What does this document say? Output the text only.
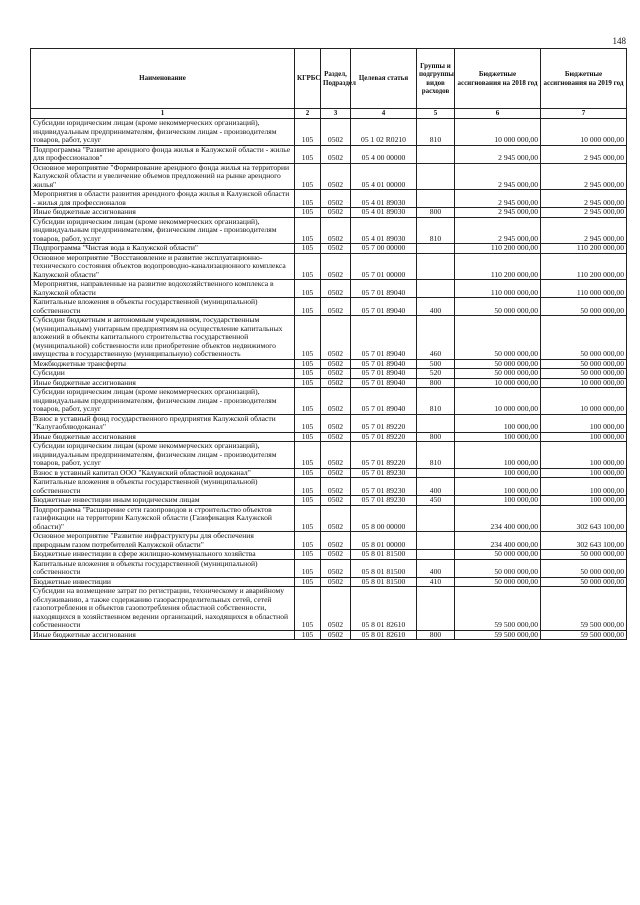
148
Наименование	КГРБС	Раздел, Подраздел	Целевая статья	Группы и подгруппы видов расходов	Бюджетные ассигнования на 2018 год	Бюджетные ассигнования на 2019 год
1	2	3	4	5	6	7
Субсидии юридическим лицам (кроме некоммерческих организаций), индивидуальным предпринимателям, физическим лицам - производителям товаров, работ, услуг	105	0502	05 1 02 R0210	810	10 000 000,00	10 000 000,00
Подпрограмма "Развитие арендного фонда жилья в Калужской области - жилье для профессионалов"	105	0502	05 4 00 00000		2 945 000,00	2 945 000,00
Основное мероприятие "Формирование арендного фонда жилья на территории Калужской области и увеличение объемов предложений на рынке арендного жилья"	105	0502	05 4 01 00000		2 945 000,00	2 945 000,00
Мероприятия в области развития арендного фонда жилья в Калужской области - жилья для профессионалов	105	0502	05 4 01 89030		2 945 000,00	2 945 000,00
Иные бюджетные ассигнования	105	0502	05 4 01 89030	800	2 945 000,00	2 945 000,00
Субсидии юридическим лицам (кроме некоммерческих организаций), индивидуальным предпринимателям, физическим лицам - производителям товаров, работ, услуг	105	0502	05 4 01 89030	810	2 945 000,00	2 945 000,00
Подпрограмма "Чистая вода в Калужской области"	105	0502	05 7 00 00000		110 200 000,00	110 200 000,00
Основное мероприятие "Восстановление и развитие эксплуатационно-технического состояния объектов водопроводно-канализационного комплекса Калужской области"	105	0502	05 7 01 00000		110 200 000,00	110 200 000,00
Мероприятия, направленные на развитие водохозяйственного комплекса в Калужской области	105	0502	05 7 01 89040		110 000 000,00	110 000 000,00
Капитальные вложения в объекты государственной (муниципальной) собственности	105	0502	05 7 01 89040	400	50 000 000,00	50 000 000,00
Субсидии бюджетным и автономным учреждениям, государственным (муниципальным) унитарным предприятиям на осуществление капитальных вложений в объекты капитального строительства государственной (муниципальной) собственности или приобретение объектов недвижимого имущества в государственную (муниципальную) собственность	105	0502	05 7 01 89040	460	50 000 000,00	50 000 000,00
Межбюджетные трансферты	105	0502	05 7 01 89040	500	50 000 000,00	50 000 000,00
Субсидии	105	0502	05 7 01 89040	520	50 000 000,00	50 000 000,00
Иные бюджетные ассигнования	105	0502	05 7 01 89040	800	10 000 000,00	10 000 000,00
Субсидии юридическим лицам (кроме некоммерческих организаций), индивидуальным предпринимателям, физическим лицам - производителям товаров, работ, услуг	105	0502	05 7 01 89040	810	10 000 000,00	10 000 000,00
Взнос в уставный фонд государственного предприятия Калужской области "Калугаоблводоканал"	105	0502	05 7 01 89220		100 000,00	100 000,00
Иные бюджетные ассигнования	105	0502	05 7 01 89220	800	100 000,00	100 000,00
Субсидии юридическим лицам (кроме некоммерческих организаций), индивидуальным предпринимателям, физическим лицам - производителям товаров, работ, услуг	105	0502	05 7 01 89220	810	100 000,00	100 000,00
Взнос в уставный капитал ООО "Калужский областной водоканал"	105	0502	05 7 01 89230		100 000,00	100 000,00
Капитальные вложения в объекты государственной (муниципальной) собственности	105	0502	05 7 01 89230	400	100 000,00	100 000,00
Бюджетные инвестиции иным юридическим лицам	105	0502	05 7 01 89230	450	100 000,00	100 000,00
Подпрограмма "Расширение сети газопроводов и строительство объектов газификации на территории Калужской области (Газификация Калужской области)"	105	0502	05 8 00 00000		234 400 000,00	302 643 100,00
Основное мероприятие "Развитие инфраструктуры для обеспечения природным газом потребителей Калужской области"	105	0502	05 8 01 00000		234 400 000,00	302 643 100,00
Бюджетные инвестиции в сфере жилищно-коммунального хозяйства	105	0502	05 8 01 81500		50 000 000,00	50 000 000,00
Капитальные вложения в объекты государственной (муниципальной) собственности	105	0502	05 8 01 81500	400	50 000 000,00	50 000 000,00
Бюджетные инвестиции	105	0502	05 8 01 81500	410	50 000 000,00	50 000 000,00
Субсидии на возмещение затрат по регистрации, техническому и аварийному обслуживанию, а также содержанию газораспределительных сетей, сетей газопотребления и объектов газопотребления областной собственности, находящихся в хозяйственном ведении организаций, находящихся в областной собственности	105	0502	05 8 01 82610		59 500 000,00	59 500 000,00
Иные бюджетные ассигнования	105	0502	05 8 01 82610	800	59 500 000,00	59 500 000,00
